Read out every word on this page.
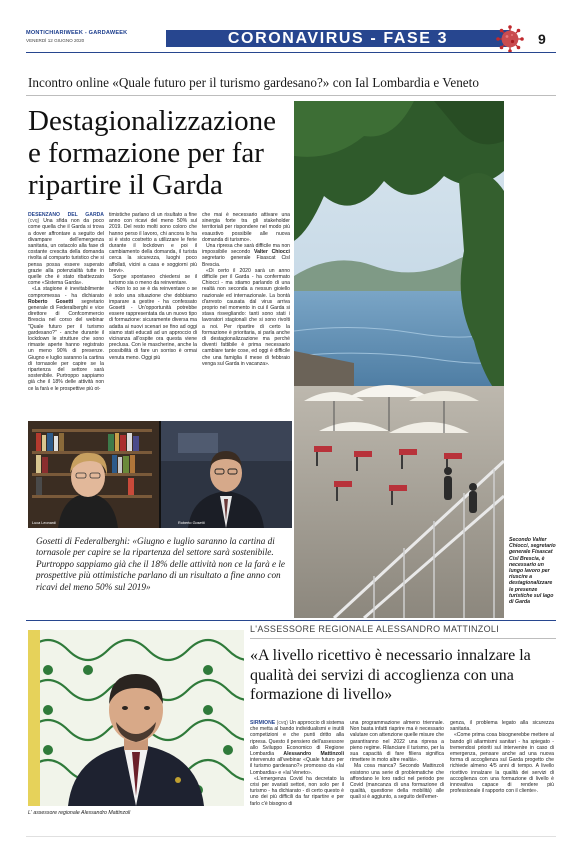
MONTICHIARIWEEK - GARDAWEEK
VENERDÌ 12 GIUGNO 2020	CORONAVIRUS - FASE 3	9
Incontro online «Quale futuro per il turismo gardesano?» con Ial Lombardia e Veneto
Destagionalizzazione e formazione per far ripartire il Garda

DESENZANO DEL GARDA (cvq) Una sfida non da poco come quella che il Garda si trova a dover affrontare a seguito del divampare dell'emergenza sanitaria, un ostacolo alla fase di costante crescita della domanda rivolta al comparto turistico che si pensa possa essere superato grazie alla potenzialità tutte in quelle che è stato ribattezzato come «Sistema Garda».

«La stagione è inevitabilmente compromessa - ha dichiarato Roberto Gosetti segretario generale di Federalberghi e vice direttore di Confcommercio Brescia nel corso del webinar "Quale futuro per il turismo gardesano?" - anche durante il lockdown le strutture che sono rimaste aperte hanno registrato un meno 90% di presenze. Giugno e luglio saranno la cartina di tornasole per capire se la ripartenza del settore sarà sostenibile. Purtroppo sappiamo già che il 18% delle attività non ce la farà e le prospettive più ot-

timistiche parlano di un risultato a fine anno con ricavi del meno 50% sul 2019. Del resto molti sono coloro che hanno perso il lavoro, chi ancora lo ha si è visto costretto a utilizzare le ferie durante il lockdown e poi il cambiamento della domanda, il turista cerca la sicurezza, luoghi poco affollati, vicini a casa e soggiorni più brevi».

Sorge spontaneo chiedersi se il turismo sia o meno da reinventare.

«Non lo so se è da reinventare o se è solo una situazione che dobbiamo imparare a gestire - ha confessato Gosetti - Un'opportunità potrebbe essere rappresentata da un nuovo tipo di formazione: sicuramente diversa ma adatta ai nuovi scenari se fino ad oggi siamo stati educati ad un approccio di vicinanza all'ospite ora questa viene preclusa. Con le mascherine, anche la possibilità di fare un sorriso è ormai venuta meno. Oggi più

che mai è necessario attivare una sinergia forte tra gli stakeholder territoriali per rispondere nel modo più esaustivo possibile alle nuova domanda di turismo».

Una ripresa che sarà difficile ma non impossibile secondo Valter Chiocci segretario generale Fisascat Cisl Brescia.

«Di certo il 2020 sarà un anno difficile per il Garda - ha confermato Chiocci - ma stiamo parlando di una realtà non seconda a nessun gioiello nazionale ed internazionale. La bontà d'arresto causata dal virus arriva proprio nel momento in cui il Garda si stava risvegliando: tanti sono stati i lavoratori stagionali che si sono rivolti a noi. Per ripartire di certo la formazione è prioritaria, si parla anche di destagionalizzazione ma perché diventi fattibile è prima necessario cambiare tante cose, ed oggi è difficile che una famiglia il mese di febbraio venga sul Garda in vacanza».

Secondo Valter Chiocci, segretario generale Fisascat Cisl Brescia, è necessario un lungo lavoro per riuscire a destagionalizzare le presenze turistiche sul lago di Garda
Luca Leonardi	Roberto Gosetti
Gosetti di Federalberghi: «Giugno e luglio saranno la cartina di tornasole per capire se la ripartenza del settore sarà sostenibile. Purtroppo sappiamo già che il 18% delle attività non ce la farà e le prospettive più ottimistiche parlano di un risultato a fine anno con ricavi del meno 50% sul 2019»
L' assessore regionale Alessandro Mattinzoli
L'ASSESSORE REGIONALE ALESSANDRO MATTINZOLI
«A livello ricettivo è necessario innalzare la qualità dei servizi di accoglienza con una formazione di livello»

SIRMIONE (cvq) Un approccio di sistema che metta al bando individualismi e inutili competizioni e che punti dritto alla ripresa. Questo il pensiero dell'assessore allo Sviluppo Economico di Regione Lombardia Alessandro Mattinzoli intervenuto all'webinar «Quale futuro per il turismo gardesano?» promosso da «Ial Lombardia» e «Ial Veneto».

«L'emergenza Covid ha decretato la crisi per svariati settori, non solo per il turismo - ha dichiarato - di certo questo è uno dei più difficili da far ripartire e per farlo c'è bisogno di

una programmazione almeno triennale. Non basta infatti riaprire ma è necessario valutare con attenzione quelle misure che garantiranno nel 2022 una ripresa a pieno regime. Rilanciare il turismo, per la sua capacità di fare filiera significa rimettere in moto altre realtà».

Ma cosa manca? Secondo Mattinzoli esistono una serie di problematiche che affondano le loro radici nel periodo pre Covid (mancanza di una formazione di qualità, questione della mobilità) alle quali si è aggiunto, a seguito dell'emer-

genza, il problema legato alla sicurezza sanitaria.

«Come prima cosa bisognerebbe mettere al bando gli allarmismi sanitari - ha spiegato - tremendosi prioriti sul intervenire in caso di emergenza, pensare anche ad una nuova forma di accoglienza sul Garda progetto che richiede almeno 4/5 anni di tempo. A livello ricettivo innalzare la qualità dei servizi di accoglienza con una formazione di livello è innovativa capace di rendere più professionale il rapporto con il cliente».
